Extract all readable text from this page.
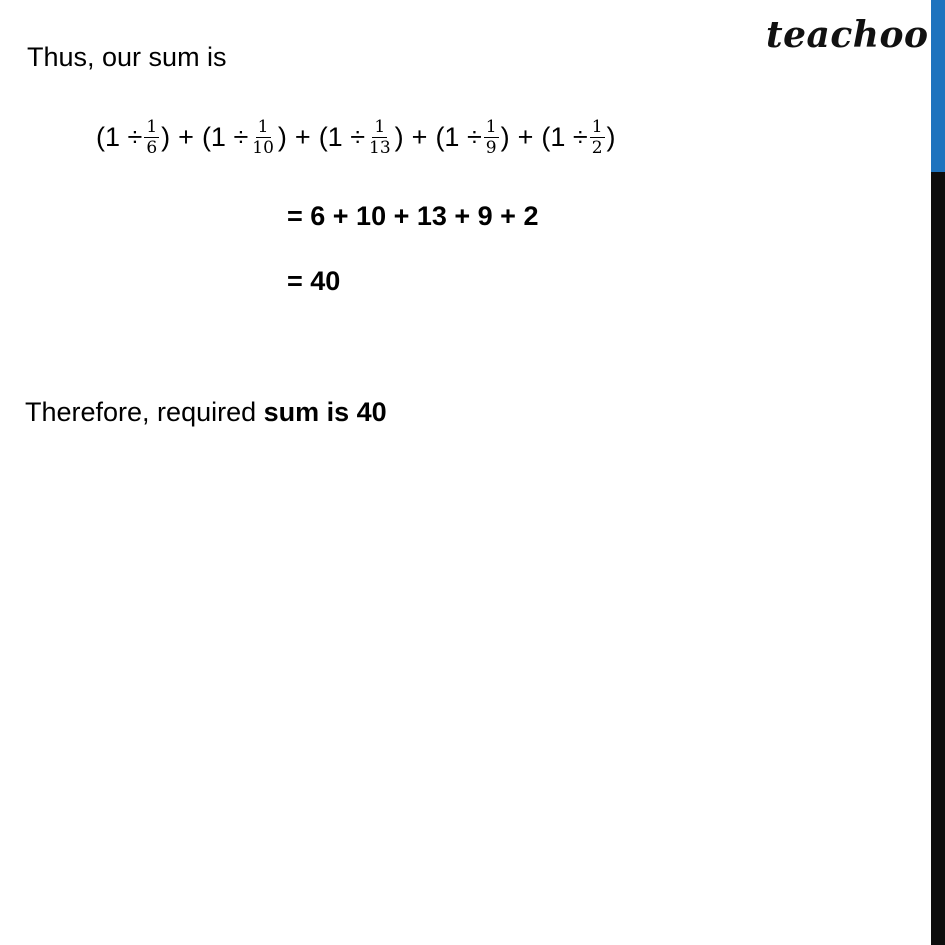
teachoo
Thus, our sum is
($1 \div \frac{1}{6}$ ) + ($1 \div \frac{1}{10}$ ) + ($1 \div \frac{1}{13}$ ) + ($1 \div \frac{1}{9}$ ) + ($1 \div \frac{1}{2}$ )
= 6 + 10 + 13 + 9 + 2
= 40
Therefore, required sum is 40
